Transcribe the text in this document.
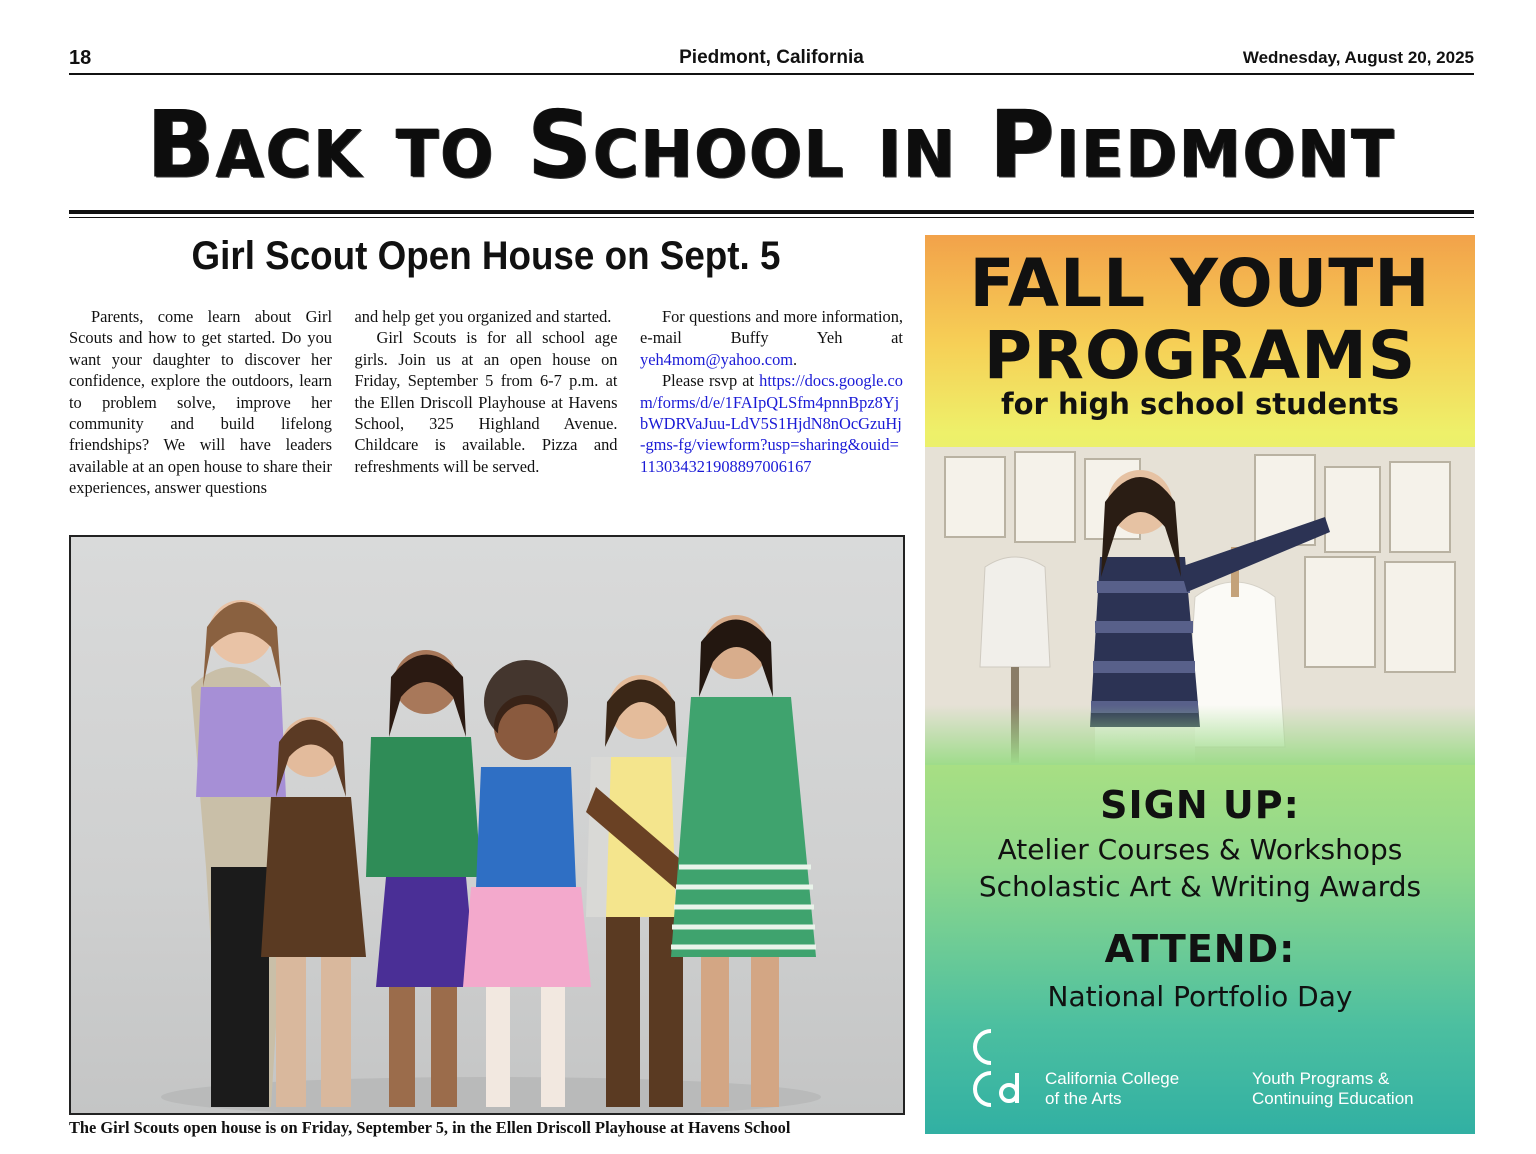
18	Piedmont, California	Wednesday, August 20, 2025
Back to School in Piedmont
Girl Scout Open House on Sept. 5

Parents, come learn about Girl Scouts and how to get started. Do you want your daughter to discover her confidence, explore the outdoors, learn to problem solve, improve her community and build lifelong friendships? We will have leaders available at an open house to share their experiences, answer questions

and help get you organized and started.

Girl Scouts is for all school age girls. Join us at an open house on Friday, September 5 from 6-7 p.m. at the Ellen Driscoll Playhouse at Havens School, 325 Highland Avenue. Childcare is available. Pizza and refreshments will be served.

For questions and more information, e-mail Buffy Yeh at yeh4mom@yahoo.com.

Please rsvp at https://docs.google.com/forms/d/e/1FAIpQLSfm4pnnBpz8YjbWDRVaJuu-LdV5S1HjdN8nOcGzuHj-gms-fg/viewform?usp=sharing&ouid=113034321908897006167

The Girl Scouts open house is on Friday, September 5, in the Ellen Driscoll Playhouse at Havens School
FALL YOUTH
PROGRAMS
for high school students
SIGN UP:
Atelier Courses & Workshops
Scholastic Art & Writing Awards
ATTEND:
National Portfolio Day
California College
of the Arts
Youth Programs &
Continuing Education
